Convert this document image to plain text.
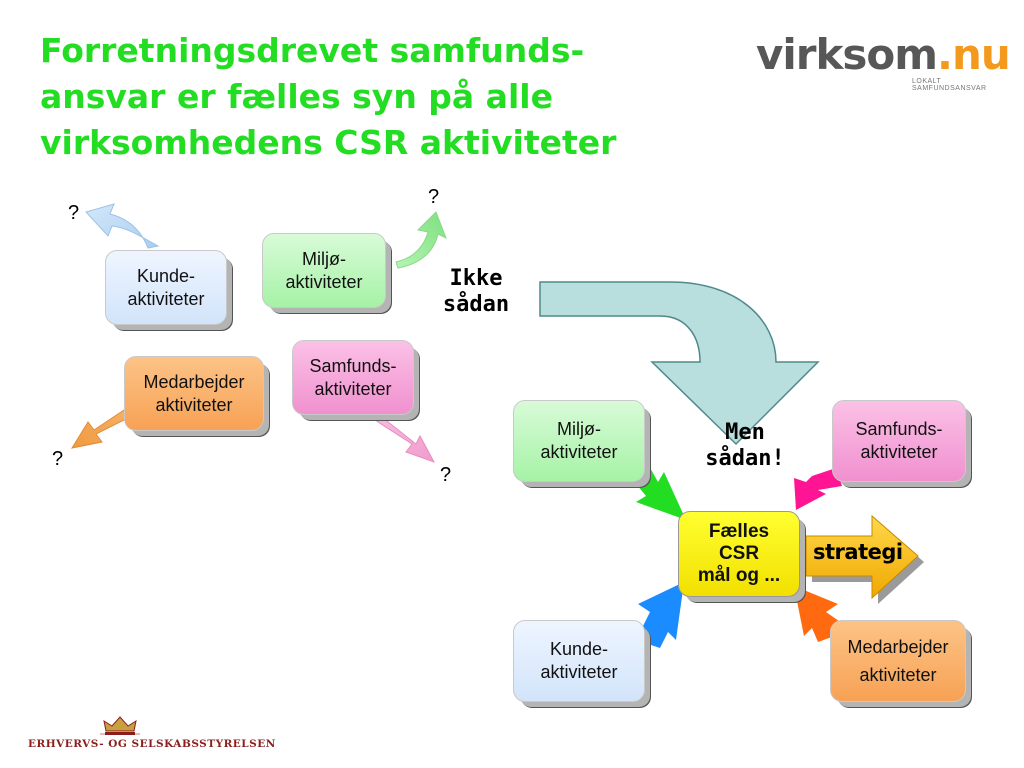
Forretningsdrevet samfunds-
ansvar er fælles syn på alle
virksomhedens CSR aktiviteter
virksom.nu
LOKALT SAMFUNDSANSVAR
?
?
?
?
Kunde-
aktiviteter
Miljø-
aktiviteter
Medarbejder
aktiviteter
Samfunds-
aktiviteter
Ikke
sådan
Miljø-
aktiviteter
Samfunds-
aktiviteter
Kunde-
aktiviteter
Medarbejder
aktiviteter
Fælles
CSR
mål og ...
strategi
Men
sådan!
ERHVERVS- OG SELSKABSSTYRELSEN
